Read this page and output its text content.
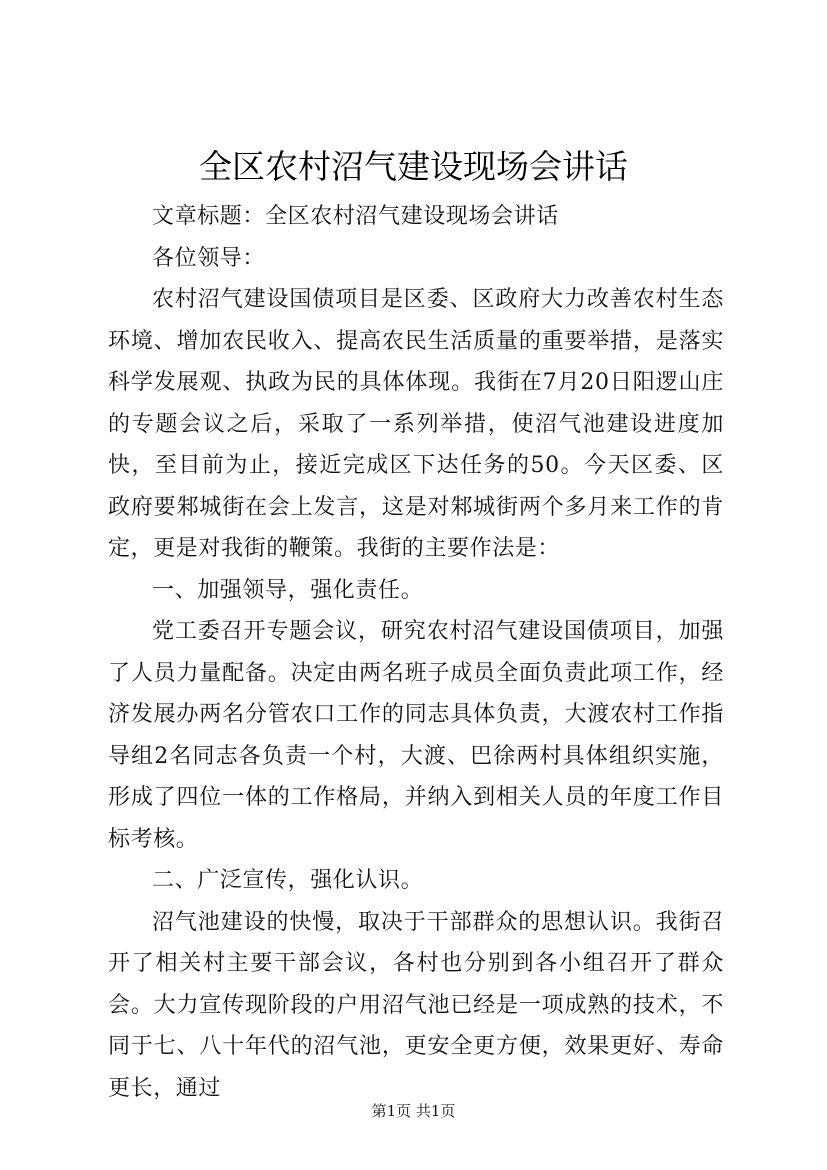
全区农村沼气建设现场会讲话

文章标题：全区农村沼气建设现场会讲话

各位领导：

农村沼气建设国债项目是区委、区政府大力改善农村生态环境、增加农民收入、提高农民生活质量的重要举措，是落实科学发展观、执政为民的具体体现。我街在7月20日阳逻山庄的专题会议之后，采取了一系列举措，使沼气池建设进度加快，至目前为止，接近完成区下达任务的50。今天区委、区政府要邾城街在会上发言，这是对邾城街两个多月来工作的肯定，更是对我街的鞭策。我街的主要作法是：

一、加强领导，强化责任。

党工委召开专题会议，研究农村沼气建设国债项目，加强了人员力量配备。决定由两名班子成员全面负责此项工作，经济发展办两名分管农口工作的同志具体负责，大渡农村工作指导组2名同志各负责一个村，大渡、巴徐两村具体组织实施，形成了四位一体的工作格局，并纳入到相关人员的年度工作目标考核。

二、广泛宣传，强化认识。

沼气池建设的快慢，取决于干部群众的思想认识。我街召开了相关村主要干部会议，各村也分别到各小组召开了群众会。大力宣传现阶段的户用沼气池已经是一项成熟的技术，不同于七、八十年代的沼气池，更安全更方便，效果更好、寿命更长，通过

第1页 共1页
